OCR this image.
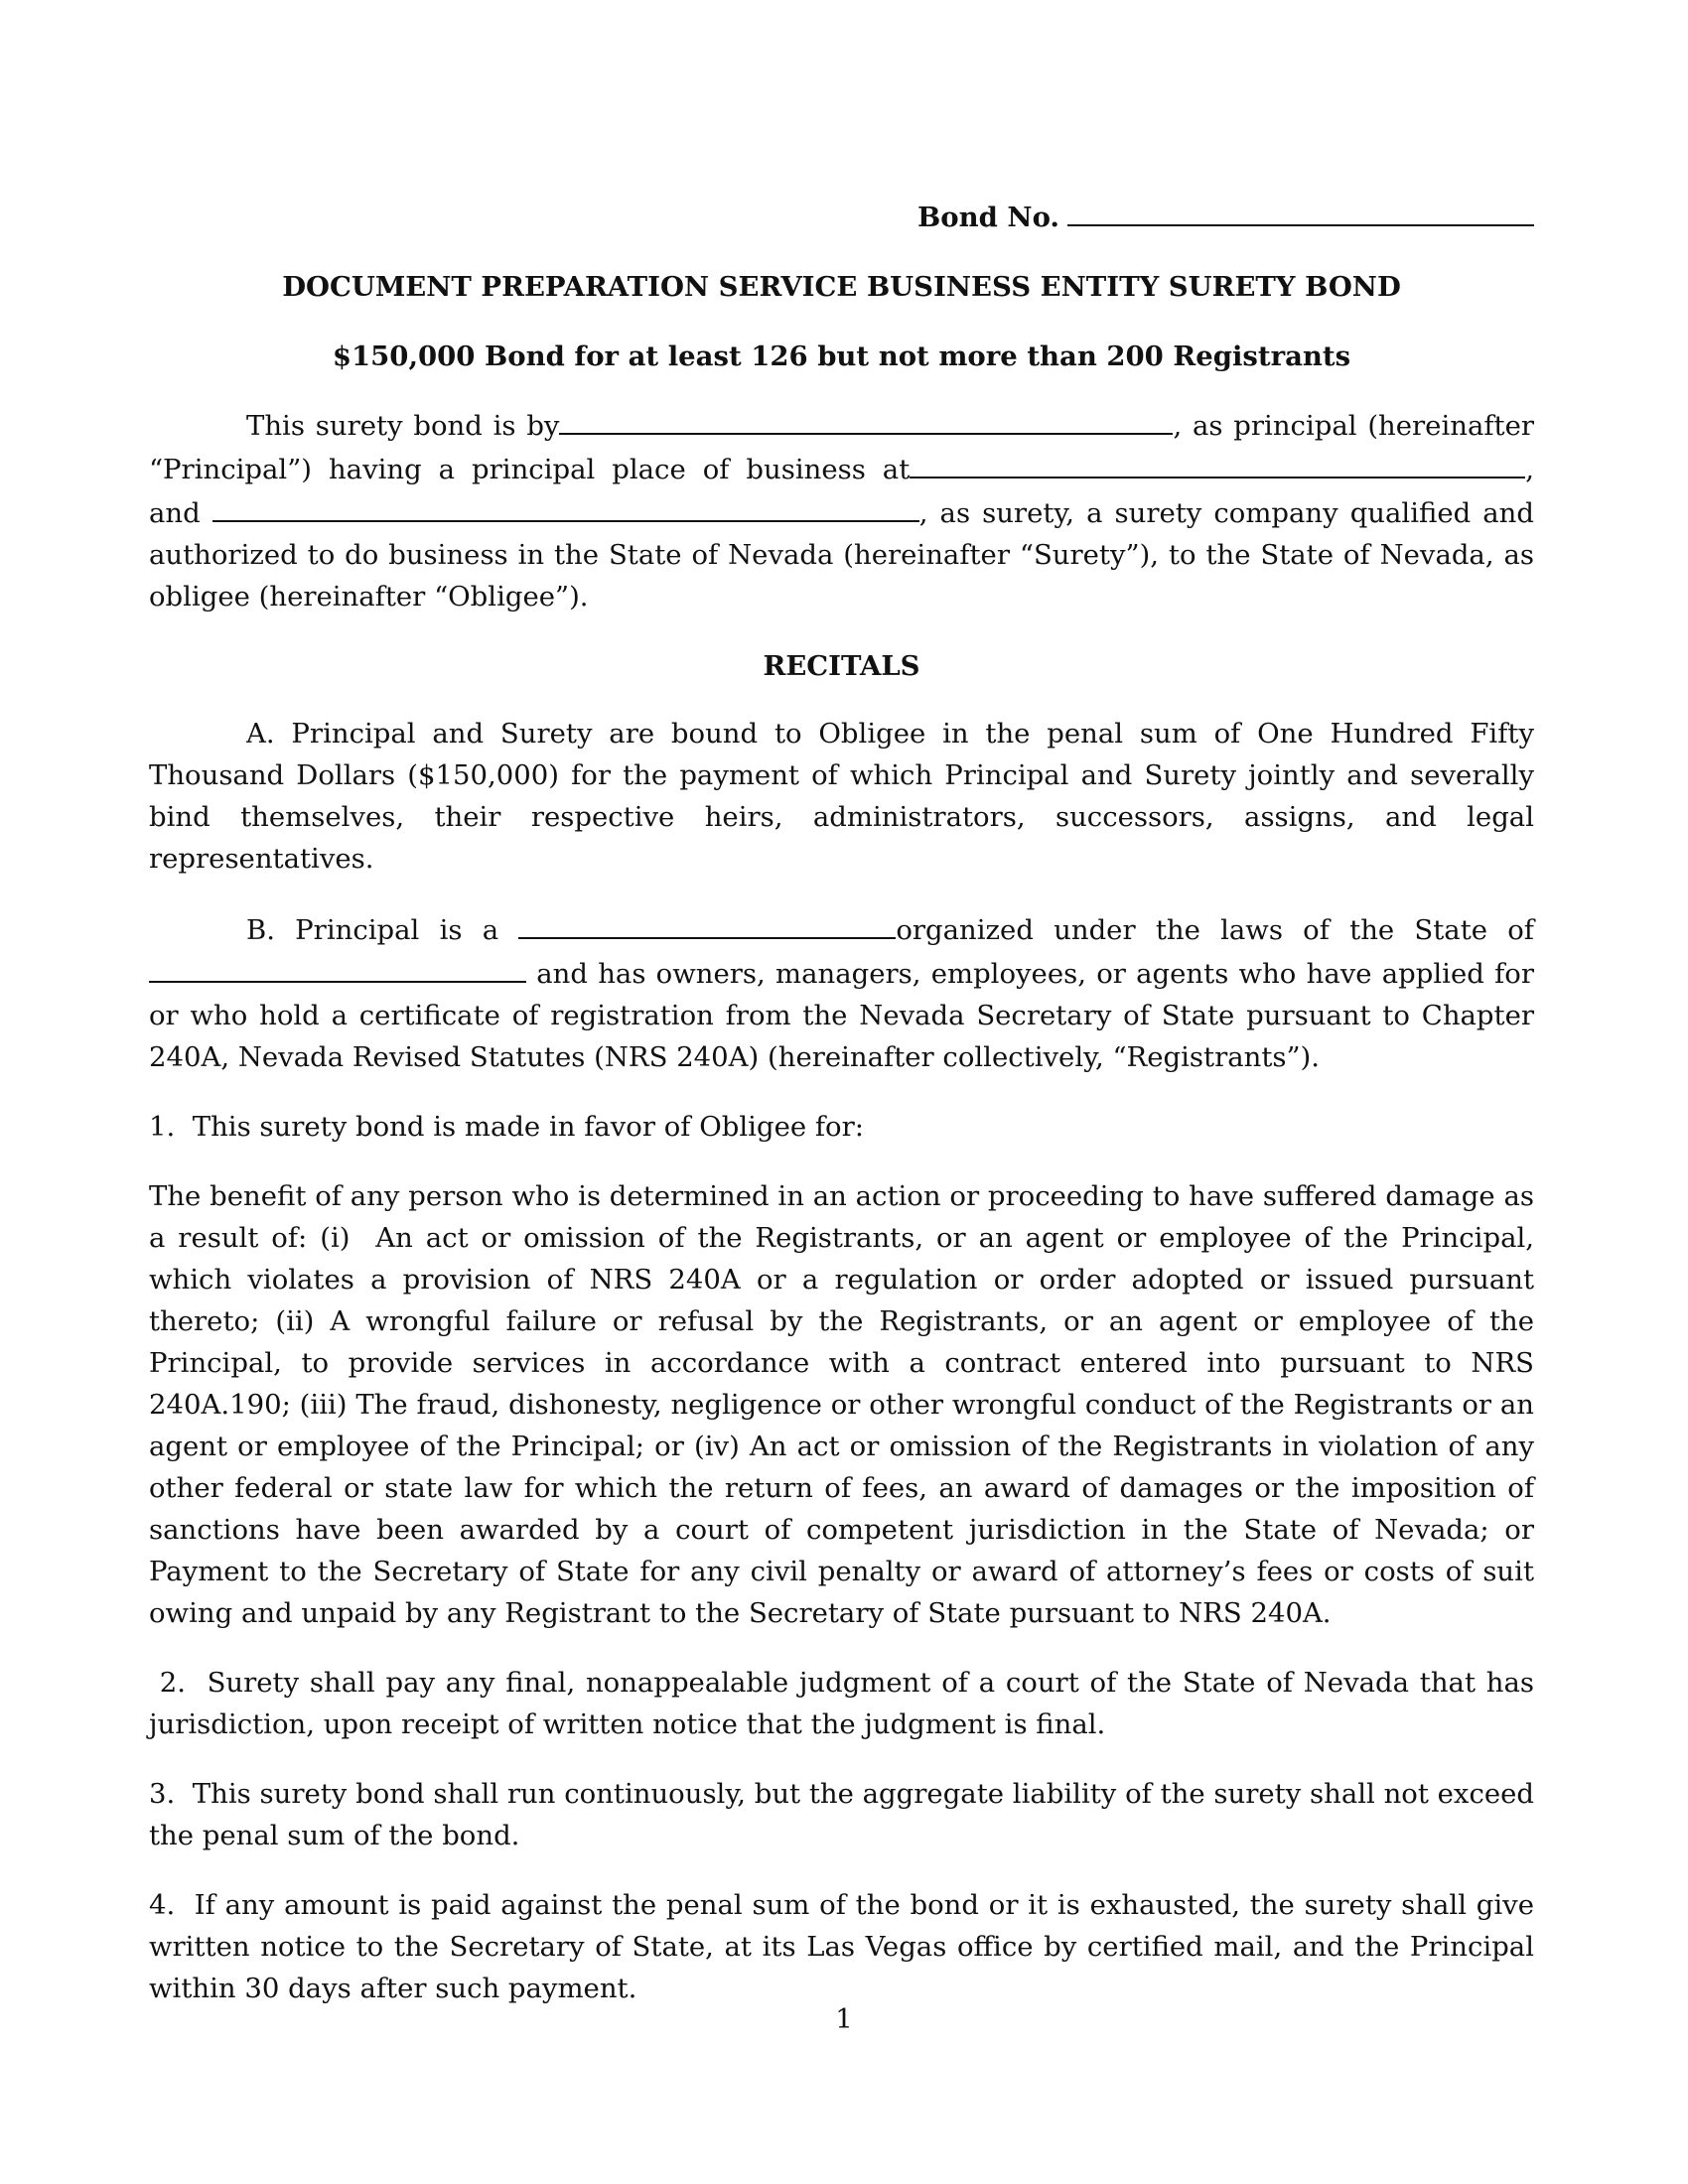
Bond No.

DOCUMENT PREPARATION SERVICE BUSINESS ENTITY SURETY BOND

$150,000 Bond for at least 126 but not more than 200 Registrants

This surety bond is by	, as principal (hereinafter “Principal”) having a principal place of business at	, and	, as surety, a surety company qualified and authorized to do business in the State of Nevada (hereinafter “Surety”), to the State of Nevada, as obligee (hereinafter “Obligee”).

RECITALS

A. Principal and Surety are bound to Obligee in the penal sum of One Hundred Fifty Thousand Dollars ($150,000) for the payment of which Principal and Surety jointly and severally bind themselves, their respective heirs, administrators, successors, assigns, and legal representatives.

B. Principal is a	organized under the laws of the State of  and has owners, managers, employees, or agents who have applied for or who hold a certificate of registration from the Nevada Secretary of State pursuant to Chapter 240A, Nevada Revised Statutes (NRS 240A) (hereinafter collectively, “Registrants”).

1.  This surety bond is made in favor of Obligee for:

The benefit of any person who is determined in an action or proceeding to have suffered damage as a result of: (i)  An act or omission of the Registrants, or an agent or employee of the Principal, which violates a provision of NRS 240A or a regulation or order adopted or issued pursuant thereto; (ii) A wrongful failure or refusal by the Registrants, or an agent or employee of the Principal, to provide services in accordance with a contract entered into pursuant to NRS 240A.190; (iii) The fraud, dishonesty, negligence or other wrongful conduct of the Registrants or an agent or employee of the Principal; or (iv) An act or omission of the Registrants in violation of any other federal or state law for which the return of fees, an award of damages or the imposition of sanctions have been awarded by a court of competent jurisdiction in the State of Nevada; or Payment to the Secretary of State for any civil penalty or award of attorney’s fees or costs of suit owing and unpaid by any Registrant to the Secretary of State pursuant to NRS 240A.

2.  Surety shall pay any final, nonappealable judgment of a court of the State of Nevada that has jurisdiction, upon receipt of written notice that the judgment is final.

3.  This surety bond shall run continuously, but the aggregate liability of the surety shall not exceed the penal sum of the bond.

4.  If any amount is paid against the penal sum of the bond or it is exhausted, the surety shall give written notice to the Secretary of State, at its Las Vegas office by certified mail, and the Principal within 30 days after such payment.

1
